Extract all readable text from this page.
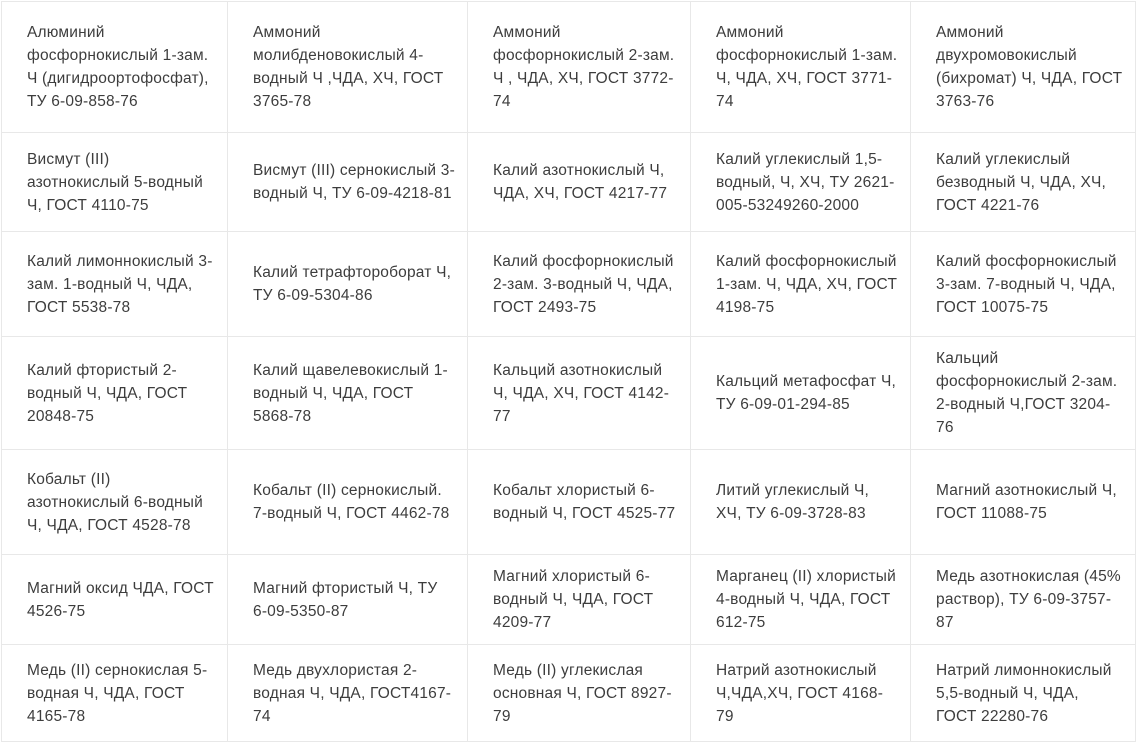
Алюминий фосфорнокислый 1-зам. Ч (дигидроортофосфат), ТУ 6-09-858-76	Аммоний молибденовокислый 4-водный Ч ,ЧДА, ХЧ, ГОСТ 3765-78	Аммоний фосфорнокислый 2-зам. Ч , ЧДА, ХЧ, ГОСТ 3772-74	Аммоний фосфорнокислый 1-зам. Ч, ЧДА, ХЧ, ГОСТ 3771-74	Аммоний двухромовокислый (бихромат) Ч, ЧДА, ГОСТ 3763-76
Висмут (III) азотнокислый 5-водный Ч, ГОСТ 4110-75	Висмут (III) сернокислый 3-водный Ч, ТУ 6-09-4218-81	Калий азотнокислый Ч, ЧДА, ХЧ, ГОСТ 4217-77	Калий углекислый 1,5-водный, Ч, ХЧ, ТУ 2621-005-53249260-2000	Калий углекислый безводный Ч, ЧДА, ХЧ, ГОСТ 4221-76
Калий лимоннокислый 3-зам. 1-водный Ч, ЧДА, ГОСТ 5538-78	Калий тетрафтороборат Ч, ТУ 6-09-5304-86	Калий фосфорнокислый 2-зам. 3-водный Ч, ЧДА, ГОСТ 2493-75	Калий фосфорнокислый 1-зам. Ч, ЧДА, ХЧ, ГОСТ 4198-75	Калий фосфорнокислый 3-зам. 7-водный Ч, ЧДА, ГОСТ 10075-75
Калий фтористый 2-водный Ч, ЧДА, ГОСТ 20848-75	Калий щавелевокислый 1-водный Ч, ЧДА, ГОСТ 5868-78	Кальций азотнокислый Ч, ЧДА, ХЧ, ГОСТ 4142-77	Кальций метафосфат Ч, ТУ 6-09-01-294-85	Кальций фосфорнокислый 2-зам. 2-водный Ч,ГОСТ 3204-76
Кобальт (II) азотнокислый 6-водный Ч, ЧДА, ГОСТ 4528-78	Кобальт (II) сернокислый. 7-водный Ч, ГОСТ 4462-78	Кобальт хлористый 6-водный Ч, ГОСТ 4525-77	Литий углекислый Ч, ХЧ, ТУ 6-09-3728-83	Магний азотнокислый Ч, ГОСТ 11088-75
Магний оксид ЧДА, ГОСТ 4526-75	Магний фтористый Ч, ТУ 6-09-5350-87	Магний хлористый 6-водный Ч, ЧДА, ГОСТ 4209-77	Марганец (II) хлористый 4-водный Ч, ЧДА, ГОСТ 612-75	Медь азотнокислая (45% раствор), ТУ 6-09-3757-87
Медь (II) сернокислая 5-водная Ч, ЧДА, ГОСТ 4165-78	Медь двухлористая 2-водная Ч, ЧДА, ГОСТ4167-74	Медь (II) углекислая основная Ч, ГОСТ 8927-79	Натрий азотнокислый Ч,ЧДА,ХЧ, ГОСТ 4168-79	Натрий лимоннокислый 5,5-водный Ч, ЧДА, ГОСТ 22280-76
